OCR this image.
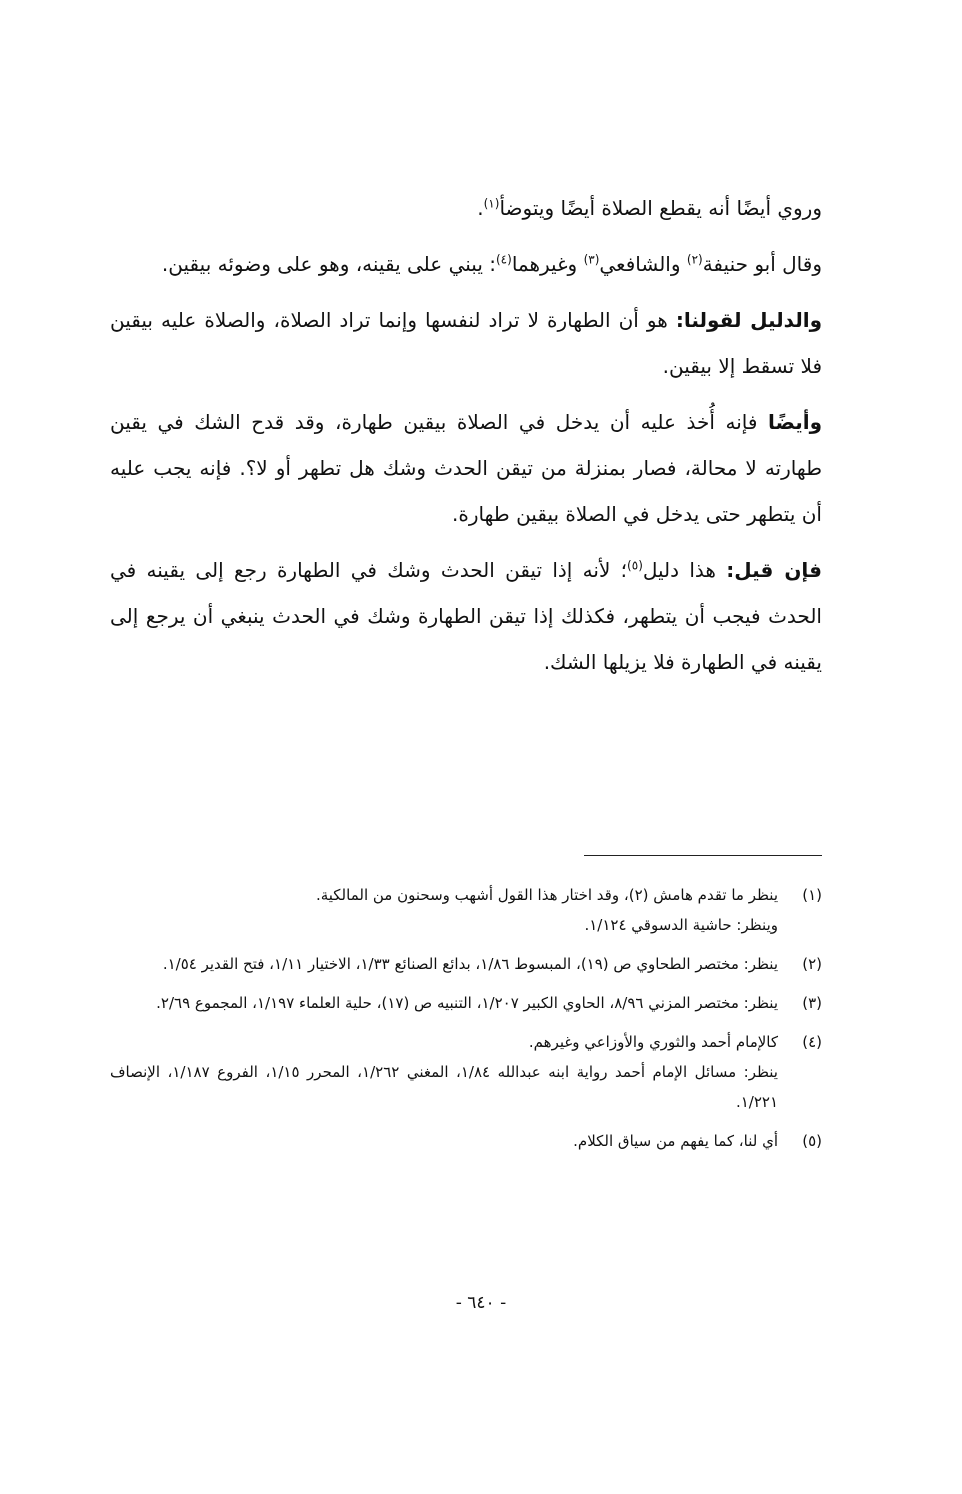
وروي أيضًا أنه يقطع الصلاة أيضًا ويتوضأ$^{(١)}$.

وقال أبو حنيفة$^{(٢)}$ والشافعي$^{(٣)}$ وغيرهما$^{(٤)}$: يبني على يقينه، وهو على وضوئه بيقين.

والدليل لقولنا: هو أن الطهارة لا تراد لنفسها وإنما تراد الصلاة، والصلاة عليه بيقين فلا تسقط إلا بيقين.

وأيضًا فإنه أُخذ عليه أن يدخل في الصلاة بيقين طهارة، وقد قدح الشك في يقين طهارته لا محالة، فصار بمنزلة من تيقن الحدث وشك هل تطهر أو لا؟. فإنه يجب عليه أن يتطهر حتى يدخل في الصلاة بيقين طهارة.

فإن قيل: هذا دليل$^{(٥)}$؛ لأنه إذا تيقن الحدث وشك في الطهارة رجع إلى يقينه في الحدث فيجب أن يتطهر، فكذلك إذا تيقن الطهارة وشك في الحدث ينبغي أن يرجع إلى يقينه في الطهارة فلا يزيلها الشك.

(١)
ينظر ما تقدم هامش (٢)، وقد اختار هذا القول أشهب وسحنون من المالكية.
وينظر: حاشية الدسوقي ١/١٢٤.
(٢)
ينظر: مختصر الطحاوي ص (١٩)، المبسوط ١/٨٦، بدائع الصنائع ١/٣٣، الاختيار ١/١١، فتح القدير ١/٥٤.
(٣)
ينظر: مختصر المزني ٨/٩٦، الحاوي الكبير ١/٢٠٧، التنبيه ص (١٧)، حلية العلماء ١/١٩٧، المجموع ٢/٦٩.
(٤)
كالإمام أحمد والثوري والأوزاعي وغيرهم.
ينظر: مسائل الإمام أحمد رواية ابنه عبدالله ١/٨٤، المغني ١/٢٦٢، المحرر ١/١٥، الفروع ١/١٨٧، الإنصاف ١/٢٢١.
(٥)
أي لنا، كما يفهم من سياق الكلام.
- ٦٤٠ -
